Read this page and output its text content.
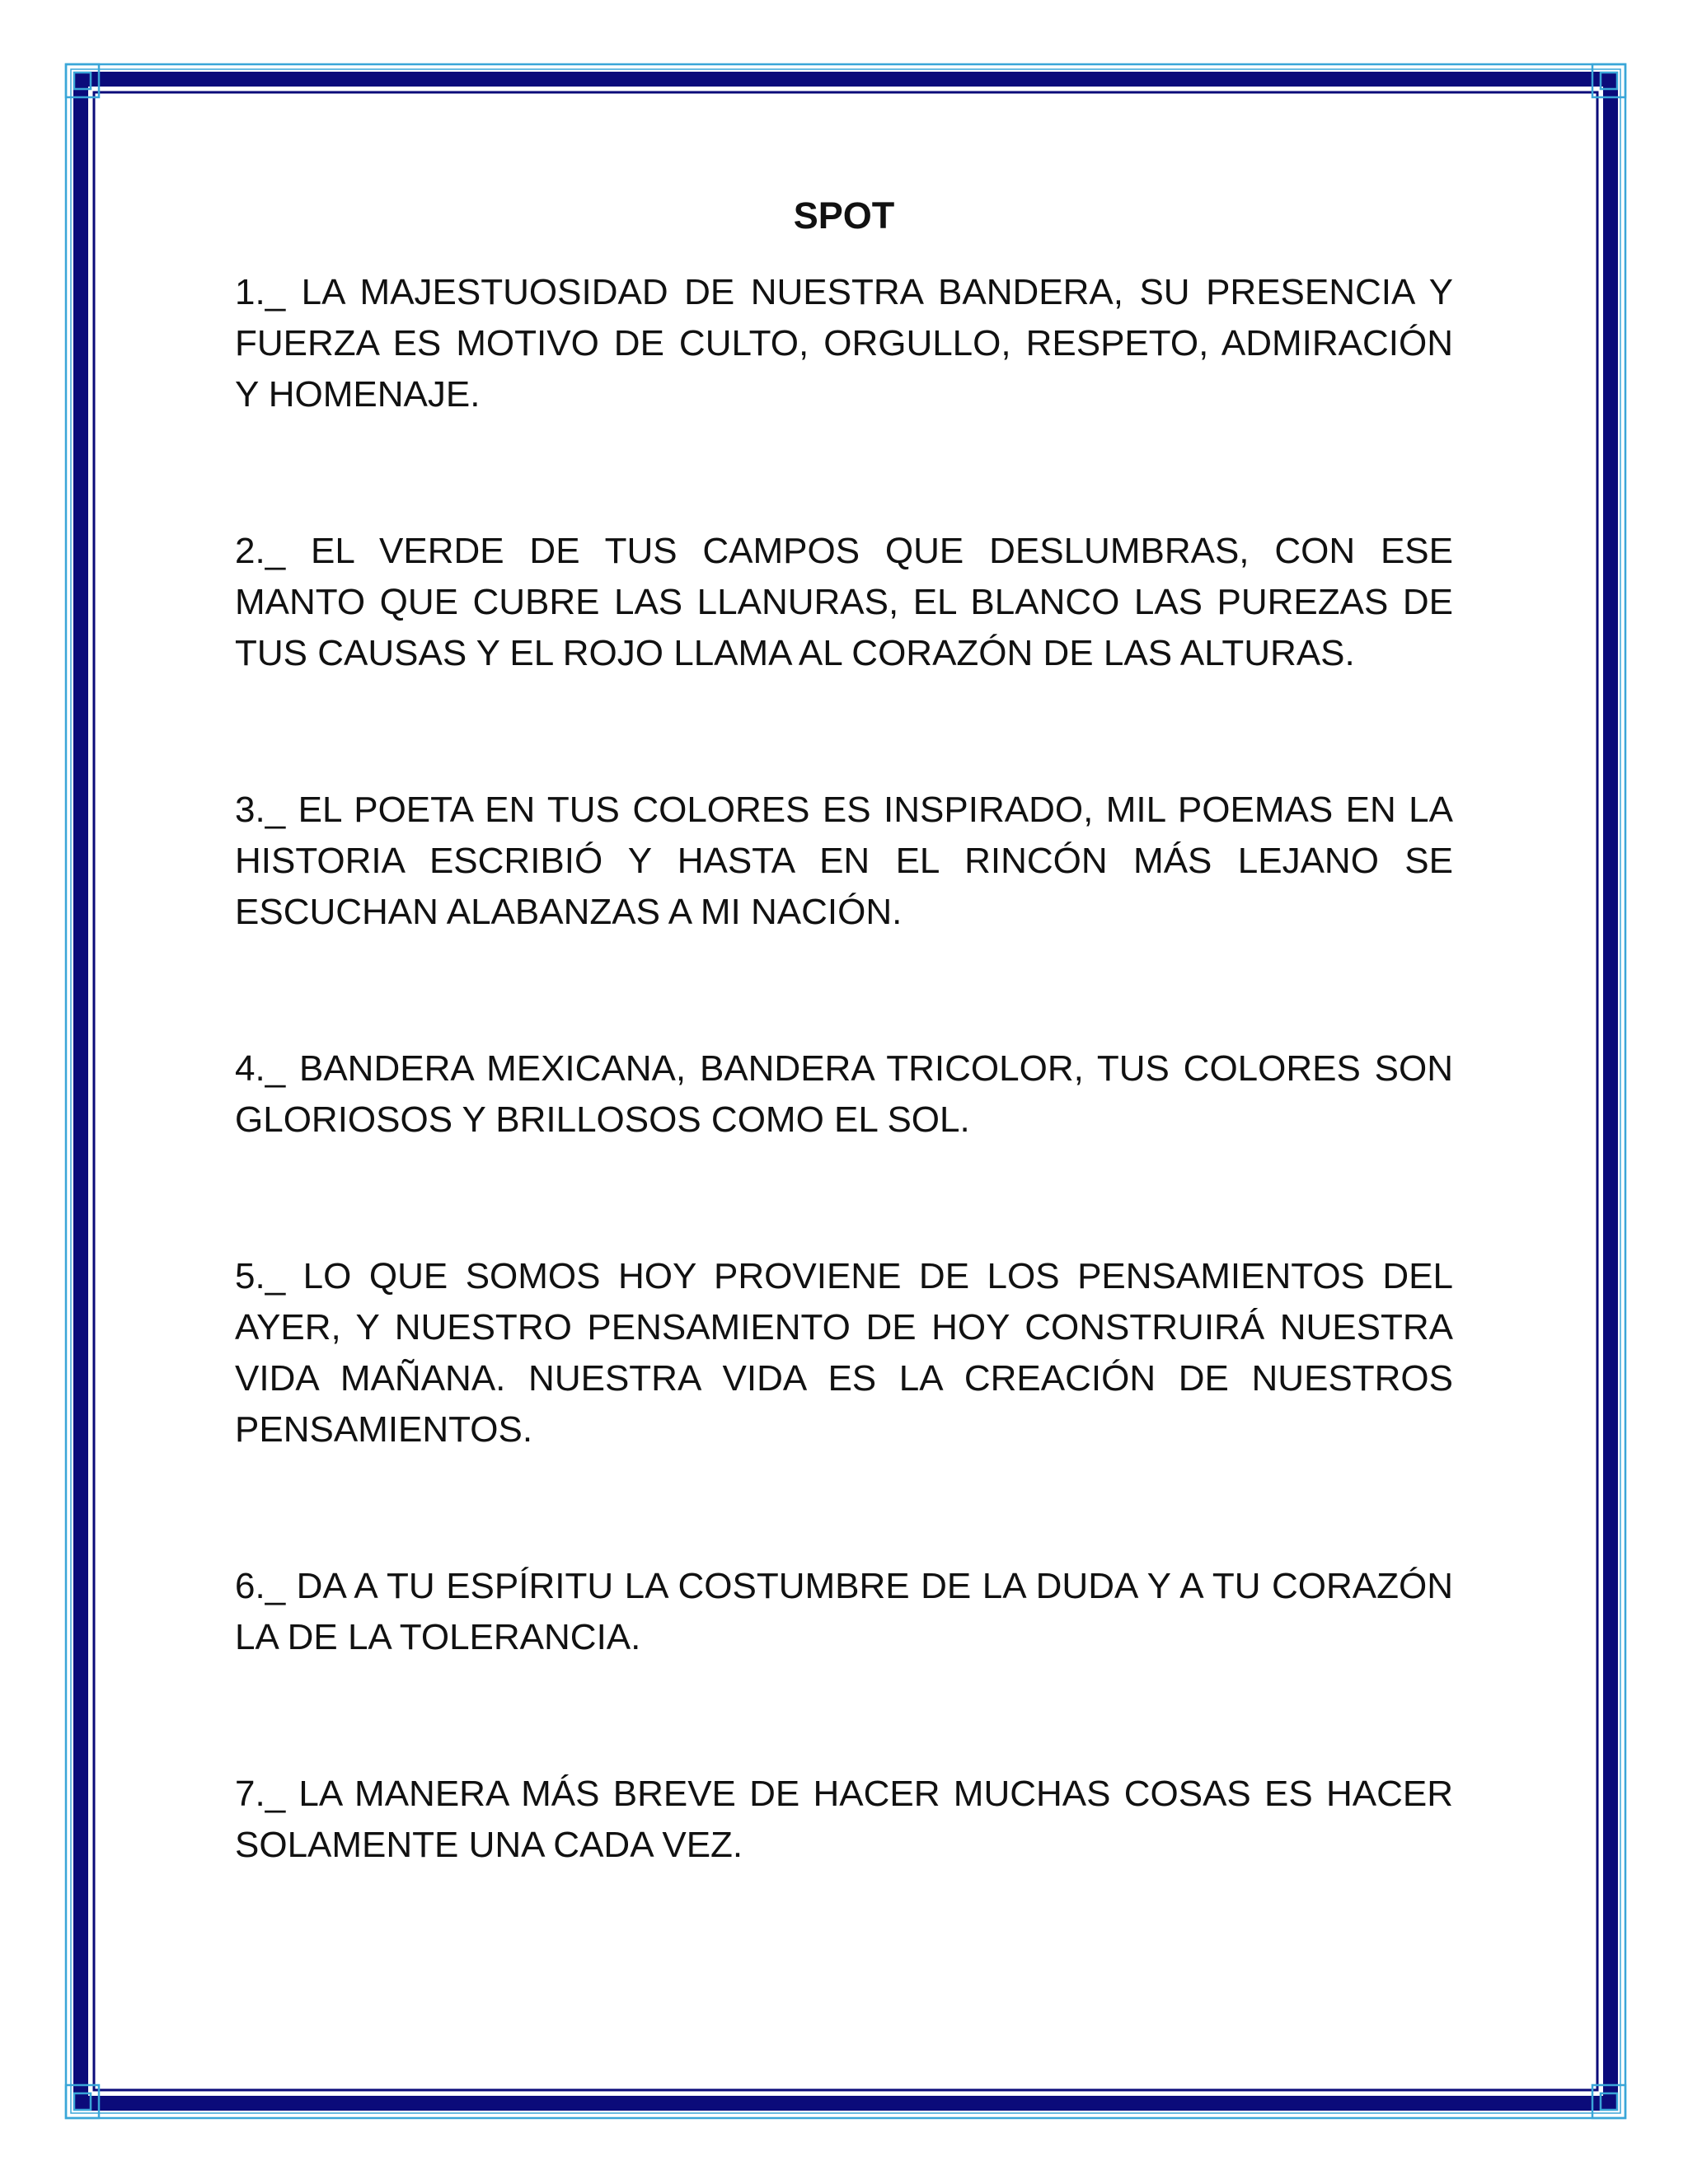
SPOT

1._ LA MAJESTUOSIDAD DE NUESTRA BANDERA, SU PRESENCIA Y FUERZA ES MOTIVO DE CULTO, ORGULLO, RESPETO, ADMIRACIÓN Y HOMENAJE.

2._ EL VERDE DE TUS CAMPOS QUE DESLUMBRAS, CON ESE MANTO QUE CUBRE LAS LLANURAS, EL BLANCO LAS PUREZAS DE TUS CAUSAS Y EL ROJO LLAMA AL CORAZÓN DE LAS ALTURAS.

3._ EL POETA EN TUS COLORES ES INSPIRADO, MIL POEMAS EN LA HISTORIA ESCRIBIÓ Y HASTA EN EL RINCÓN MÁS LEJANO SE ESCUCHAN ALABANZAS A MI NACIÓN.

4._ BANDERA MEXICANA, BANDERA TRICOLOR, TUS COLORES SON GLORIOSOS Y BRILLOSOS COMO EL SOL.

5._ LO QUE SOMOS HOY PROVIENE DE LOS PENSAMIENTOS DEL AYER, Y NUESTRO PENSAMIENTO DE HOY CONSTRUIRÁ NUESTRA VIDA MAÑANA. NUESTRA VIDA ES LA CREACIÓN DE NUESTROS PENSAMIENTOS.

6._ DA A TU ESPÍRITU LA COSTUMBRE DE LA DUDA Y A TU CORAZÓN LA DE LA TOLERANCIA.

7._ LA MANERA MÁS BREVE DE HACER MUCHAS COSAS ES HACER SOLAMENTE UNA CADA VEZ.
